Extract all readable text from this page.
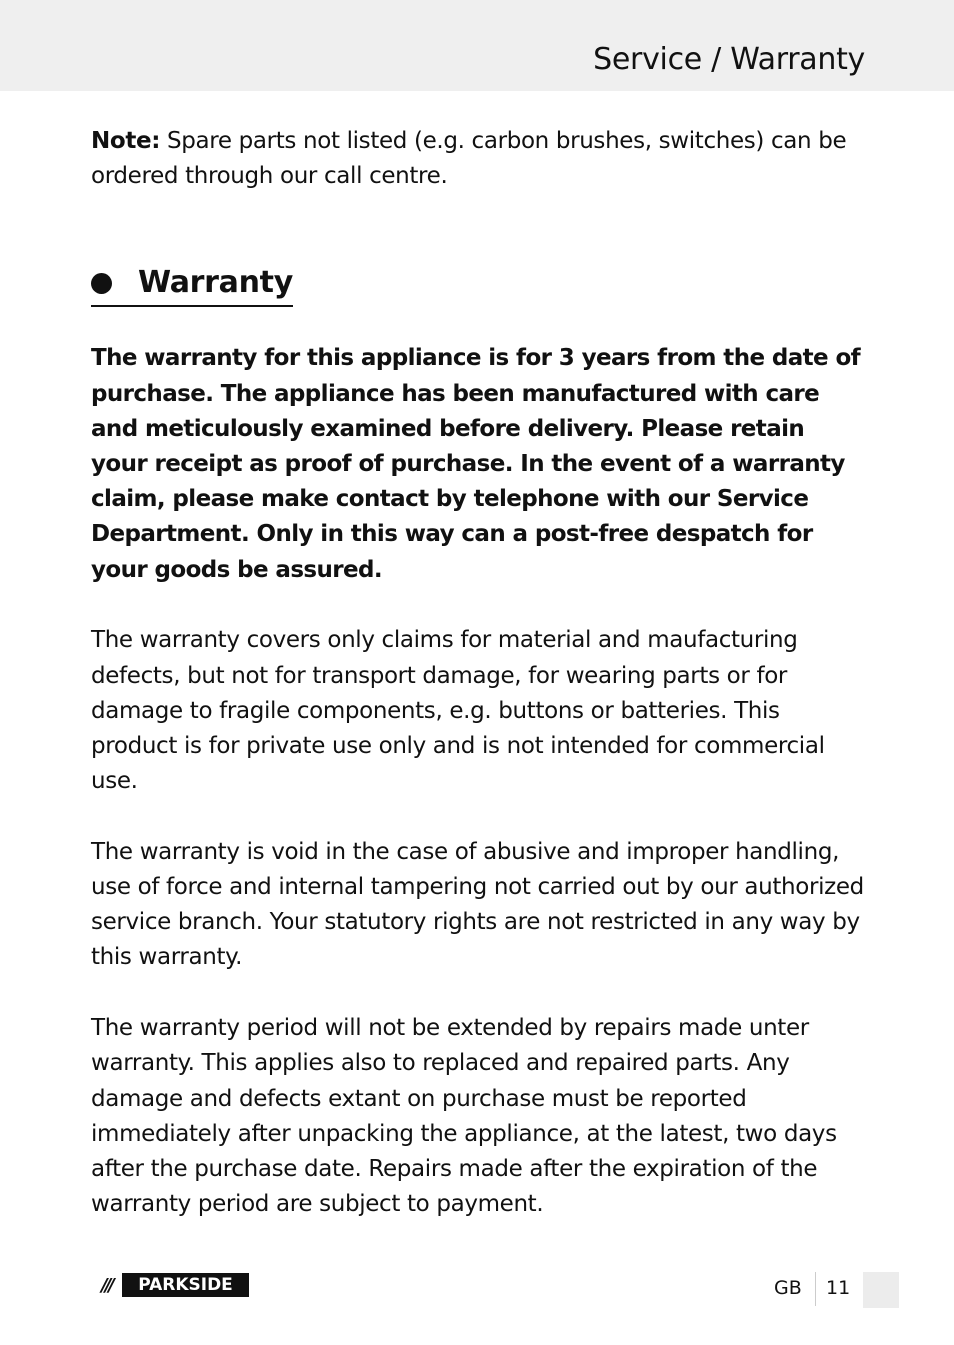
Service / Warranty

Note: Spare parts not listed (e.g. carbon brushes, switches) can be ordered through our call centre.

Warranty

The warranty for this appliance is for 3 years from the date of purchase. The appliance has been manufactured with care and meticulously examined before delivery. Please retain your receipt as proof of purchase. In the event of a warranty claim, please make contact by telephone with our Service Department. Only in this way can a post-free despatch for your goods be assured.

The warranty covers only claims for material and maufacturing defects, but not for transport damage, for wearing parts or for damage to fragile components, e.g. buttons or batteries. This product is for private use only and is not intended for commercial use.

The warranty is void in the case of abusive and improper handling, use of force and internal tampering not carried out by our authorized service branch. Your statutory rights are not restricted in any way by this warranty.

The warranty period will not be extended by repairs made unter warranty. This applies also to replaced and repaired parts. Any damage and defects extant on purchase must be reported immediately after unpacking the appliance, at the latest, two days after the purchase date. Repairs made after the expiration of the warranty period are subject to payment.

///	PARKSIDE	GB 11
